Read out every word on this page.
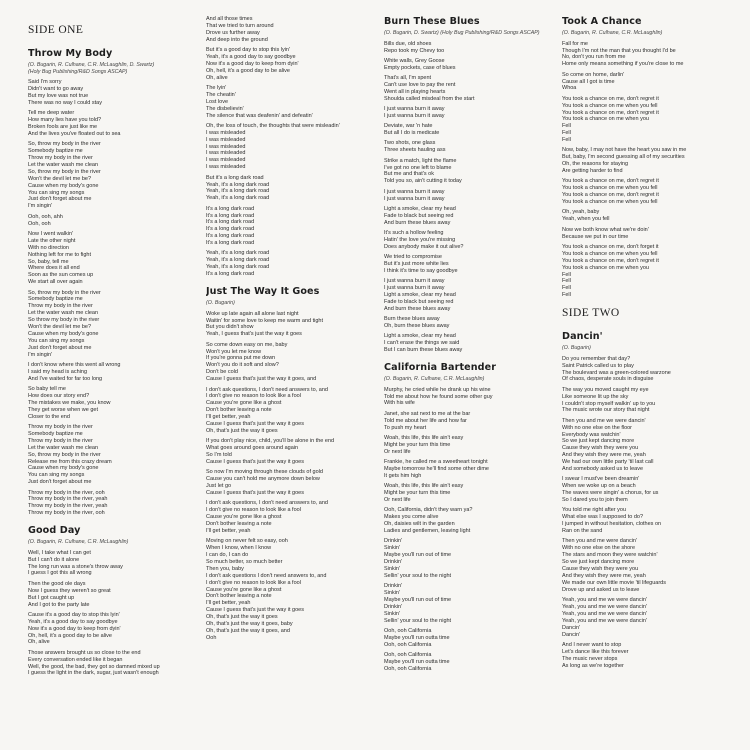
SIDE ONE
Throw My Body
(O. Bugarin, R. Culhane, C.R. McLaughlin, D. Swartz)
(Holy Bug Publishing/R&D Songs ASCAP)
Said I'm sorry
Didn't want to go away
But my love was not true
There was no way I could stay
Tell me deep water
How many lies have you told?
Broken fools are just like me
And the lives you've floated out to sea
So, throw my body in the river
Somebody baptize me
Throw my body in the river
Let the water wash me clean
So, throw my body in the river
Won't the devil let me be?
Cause when my body's gone
You can sing my songs
Just don't forget about me
I'm singin'
Ooh, ooh, ahh
Ooh, ooh
Now I went walkin'
Late the other night
With no direction
Nothing left for me to fight
So, baby, tell me
Where does it all end
Soon as the sun comes up
We start all over again
So, throw my body in the river
Somebody baptize me
Throw my body in the river
Let the water wash me clean
So throw my body in the river
Won't the devil let me be?
Cause when my body's gone
You can sing my songs
Just don't forget about me
I'm singin'
I don't know where this went all wrong
I said my head is aching
And I've waited for far too long
So baby tell me
How does our story end?
The mistakes we make, you know
They get worse when we get
Closer to the end
Throw my body in the river
Somebody baptize me
Throw my body in the river
Let the water wash me clean
So, throw my body in the river
Release me from this crazy dream
Cause when my body's gone
You can sing my songs
Just don't forget about me
Throw my body in the river, ooh
Throw my body in the river, yeah
Throw my body in the river, yeah
Throw my body in the river, ooh
Good Day
(O. Bugarin, R. Culhane, C.R. McLaughlin)
Well, I take what I can get
But I can't do it alone
The long run was a stone's throw away
I guess I got this all wrong
Then the good ole days
Now I guess they weren't so great
But I got caught up
And I got to the party late
Cause it's a good day to stop this lyin'
Yeah, it's a good day to say goodbye
Now it's a good day to keep from dyin'
Oh, hell, it's a good day to be alive
Oh, alive
Those answers brought us so close to the end
Every conversation ended like it began
Well, the good, the bad, they got so damned mixed up
I guess the light in the dark, sugar, just wasn't enough
And all those times
That we tried to turn around
Drove us further away
And deep into the ground
But it's a good day to stop this lyin'
Yeah, it's a good day to say goodbye
Now it's a good day to keep from dyin'
Oh, hell, it's a good day to be alive
Oh, alive
The lyin'
The cheatin'
Lost love
The disbelievin'
The silence that was deafenin' and defeatin'
Oh, the loss of touch, the thoughts that were misleadin'
I was misleaded
I was misleaded
I was misleaded
I was misleaded
I was misleaded
I was misleaded
But it's a long dark road
Yeah, it's a long dark road
Yeah, it's a long dark road
Yeah, it's a long dark road
It's a long dark road
It's a long dark road
It's a long dark road
It's a long dark road
It's a long dark road
It's a long dark road
Yeah, it's a long dark road
Yeah, it's a long dark road
Yeah, it's a long dark road
It's a long dark road
Just The Way It Goes
(O. Bugarin)
Woke up late again all alone last night
Waitin' for some love to keep me warm and tight
But you didn't show
Yeah, I guess that's just the way it goes
So come down easy on me, baby
Won't you let me know
If you're gonna put me down
Won't you do it soft and slow?
Don't be cold
Cause I guess that's just the way it goes, and
I don't ask questions, I don't need answers to, and
I don't give no reason to look like a fool
Cause you're gone like a ghost
Don't bother leaving a note
I'll get better, yeah
Cause I guess that's just the way it goes
Oh, that's just the way it goes
If you don't play nice, child, you'll be alone in the end
What goes around goes around again
So I'm told
Cause I guess that's just the way it goes
So now I'm moving through these clouds of gold
Cause you can't hold me anymore down below
Just let go
Cause I guess that's just the way it goes
I don't ask questions, I don't need answers to, and
I don't give no reason to look like a fool
Cause you're gone like a ghost
Don't bother leaving a note
I'll get better, yeah
Moving on never felt so easy, ooh
When I know, when I know
I can do, I can do
So much better, so much better
Then you, baby
I don't ask questions I don't need answers to, and
I don't give no reason to look like a fool
Cause you're gone like a ghost
Don't bother leaving a note
I'll get better, yeah
Cause I guess that's just the way it goes
Oh, that's just the way it goes
Oh, that's just the way it goes, baby
Oh, that's just the way it goes, and
Ooh
Burn These Blues
(O. Bugarin, D. Swartz) (Holy Bug Publishing/R&D Songs ASCAP)
Bills due, old shoes
Repo took my Chevy too
White walls, Grey Goose
Empty pockets, case of blues
That's all, I'm spent
Can't use love to pay the rent
Went all in playing hearts
Shoulda called misdeal from the start
I just wanna burn it away
I just wanna burn it away
Deviate, war 'n hate
But all I do is medicate
Two shots, one glass
Three sheets hauling ass
Strike a match, light the flame
I've got no one left to blame
But me and that's ok
Told you so, ain't cutting it today
I just wanna burn it away
I just wanna burn it away
Light a smoke, clear my head
Fade to black but seeing red
And burn these blues away
It's such a hollow feeling
Hatin' the love you're missing
Does anybody make it out alive?
We tried to compromise
But it's just more white lies
I think it's time to say goodbye
I just wanna burn it away
I just wanna burn it away
Light a smoke, clear my head
Fade to black but seeing red
And burn these blues away
Burn these blues away
Oh, burn these blues away
Light a smoke, clear my head
I can't erase the things we said
But I can burn these blues away
California Bartender
(O. Bugarin, R. Culhane, C.R. McLaughlin)
Murphy, he cried while he drank up his wine
Told me about how he found some other guy
With his wife
Janet, she sat next to me at the bar
Told me about her life and how far
To push my heart
Woah, this life, this life ain't easy
Might be your turn this time
Or next life
Frankie, he called me a sweetheart tonight
Maybe tomorrow he'll find some other dime
It gets him high
Woah, this life, this life ain't easy
Might be your turn this time
Or next life
Ooh, California, didn't they warn ya?
Makes you come alive
Oh, daisies wilt in the garden
Ladies and gentlemen, leaving light
Drinkin'
Sinkin'
Maybe you'll run out of time
Drinkin'
Sinkin'
Sellin' your soul to the night
Drinkin'
Sinkin'
Maybe you'll run out of time
Drinkin'
Sinkin'
Sellin' your soul to the night
Ooh, ooh California
Maybe you'll run outta time
Ooh, ooh California
Ooh, ooh California
Maybe you'll run outta time
Ooh, ooh California
Took A Chance
(O. Bugarin, R. Culhane, C.R. McLaughlin)
Fall for me
Though I'm not the man that you thought I'd be
No, don't you run from me
Home only means something if you're close to me
So come on home, darlin'
Cause all I got is time
Whoa
You took a chance on me, don't regret it
You took a chance on me when you fell
You took a chance on me, don't regret it
You took a chance on me when you
Fell
Fell
Fell
Now, baby, I may not have the heart you saw in me
But, baby, I'm second guessing all of my securities
Oh, the reasons for staying
Are getting harder to find
You took a chance on me, don't regret it
You took a chance on me when you fell
You took a chance on me, don't regret it
You took a chance on me when you fell
Oh, yeah, baby
Yeah, when you fell
Now we both know what we're doin'
Because we put in our time
You took a chance on me, don't forget it
You took a chance on me when you fell
You took a chance on me, don't regret it
You took a chance on me when you
Fell
Fell
Fell
Fell
SIDE TWO
Dancin'
(O. Bugarin)
Do you remember that day?
Saint Patrick called us to play
The boulevard was a green-colored warzone
Of chaos, desperate souls in disguise
The way you moved caught my eye
Like someone lit up the sky
I couldn't stop myself walkin' up to you
The music wrote our story that night
Then you and me we were dancin'
With no one else on the floor
Everybody was watchin'
So we just kept dancing more
Cause they wish they were you
And they wish they were me, yeah
We had our own little party 'til last call
And somebody asked us to leave
I swear I must've been dreamin'
When we woke up on a beach
The waves were singin' a chorus, for us
So I dared you to join them
You told me right after you
What else was I supposed to do?
I jumped in without hesitation, clothes on
Ran on the sand
Then you and me were dancin'
With no one else on the shore
The stars and moon they were watchin'
So we just kept dancing more
Cause they wish they were you
And they wish they were me, yeah
We made our own little movie 'til lifeguards
Drove up and asked us to leave
Yeah, you and me we were dancin'
Yeah, you and me we were dancin'
Yeah, you and me we were dancin'
Yeah, you and me we were dancin'
Dancin'
Dancin'
And I never want to stop
Let's dance like this forever
The music never stops
As long as we're together
